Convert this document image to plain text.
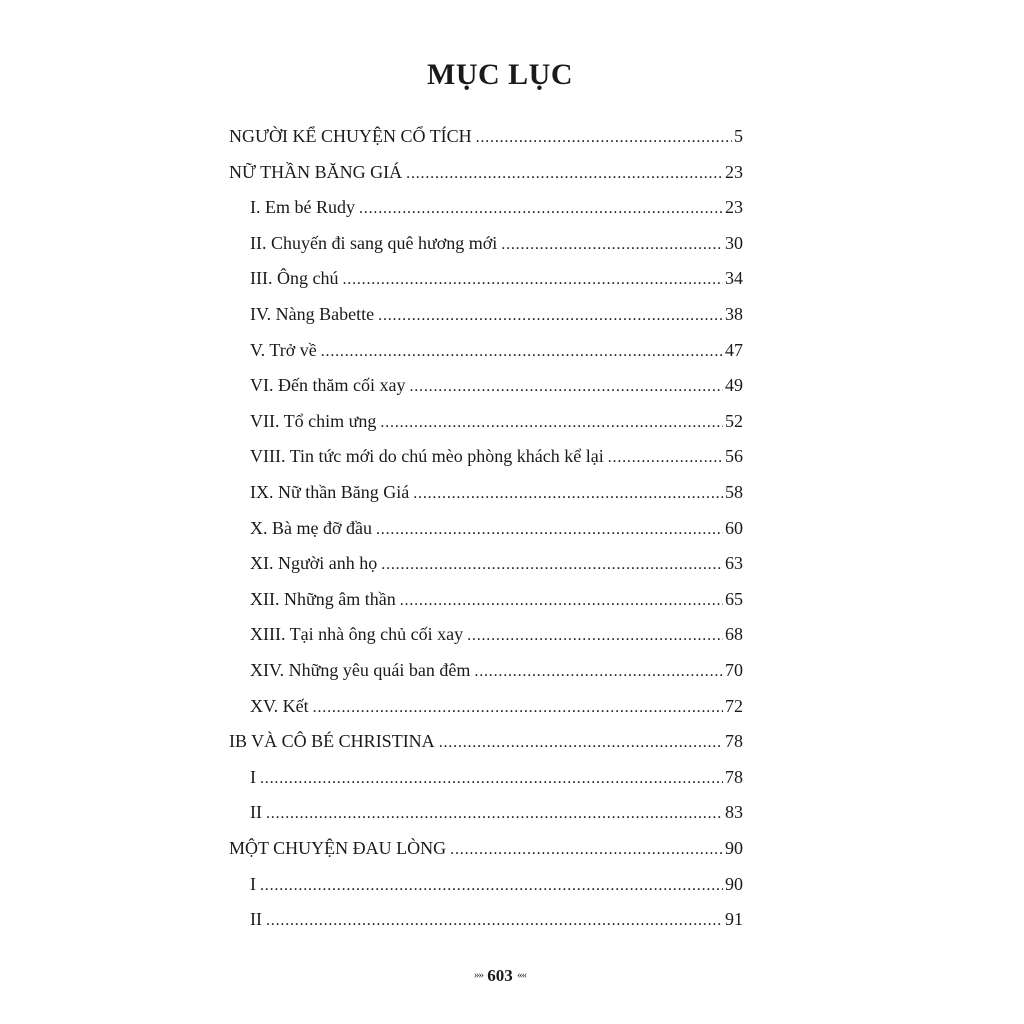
MỤC LỤC
NGƯỜI KỂ CHUYỆN CỔ TÍCH . . .	5
NỮ THẦN BĂNG GIÁ . . .	23
I. Em bé Rudy . . .	23
II. Chuyến đi sang quê hương mới . . .	30
III. Ông chú . . .	34
IV. Nàng Babette . . .	38
V. Trở về . . .	47
VI. Đến thăm cối xay . . .	49
VII. Tổ chim ưng . . .	52
VIII. Tin tức mới do chú mèo phòng khách kể lại . . .	56
IX. Nữ thần Băng Giá . . .	58
X. Bà mẹ đỡ đầu . . .	60
XI. Người anh họ . . .	63
XII. Những âm thần . . .	65
XIII. Tại nhà ông chủ cối xay . . .	68
XIV. Những yêu quái ban đêm . . .	70
XV. Kết . . .	72
IB VÀ CÔ BÉ CHRISTINA . . .	78
I . . .	78
II . . .	83
MỘT CHUYỆN ĐAU LÒNG . . .	90
I . . .	90
II . . .	91
»» 603 ««
